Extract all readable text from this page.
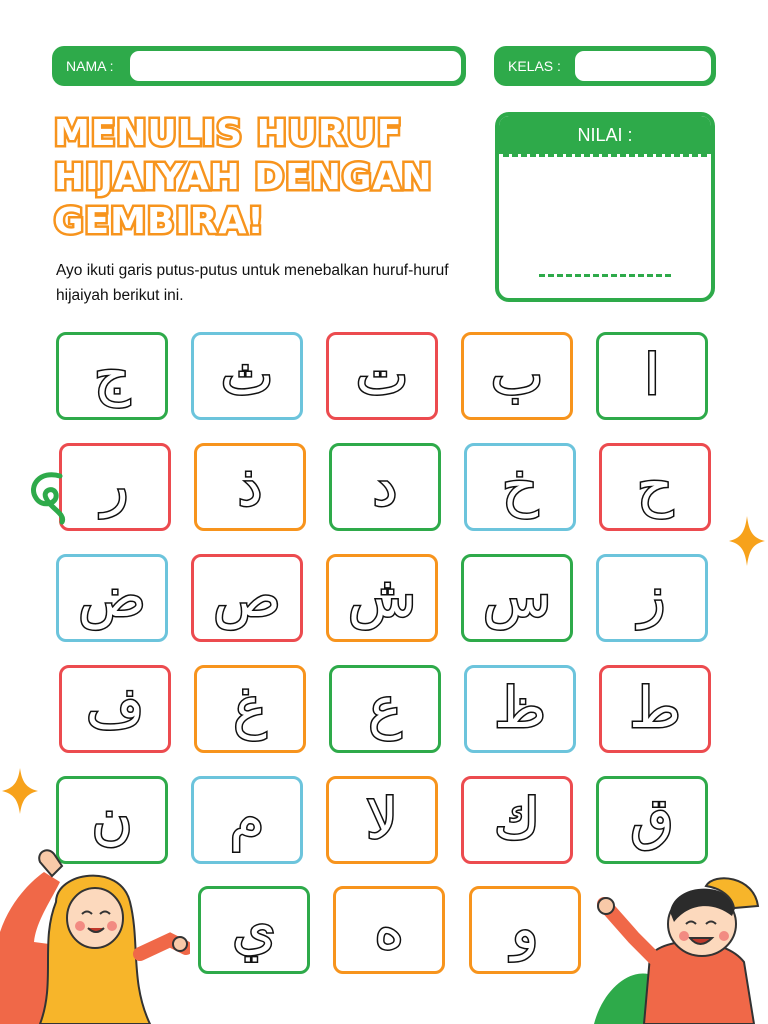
NAMA :	KELAS :
MENULIS HURUF
HIJAIYAH DENGAN
GEMBIRA!
Ayo ikuti garis putus-putus untuk menebalkan huruf-huruf hijaiyah berikut ini.
NILAI :
ا
ب
ت
ث
ج
ح
خ
د
ذ
ر
ز
س
ش
ص
ض
ط
ظ
ع
غ
ف
ق
ك
لا
م
ن
و
ه
ي
